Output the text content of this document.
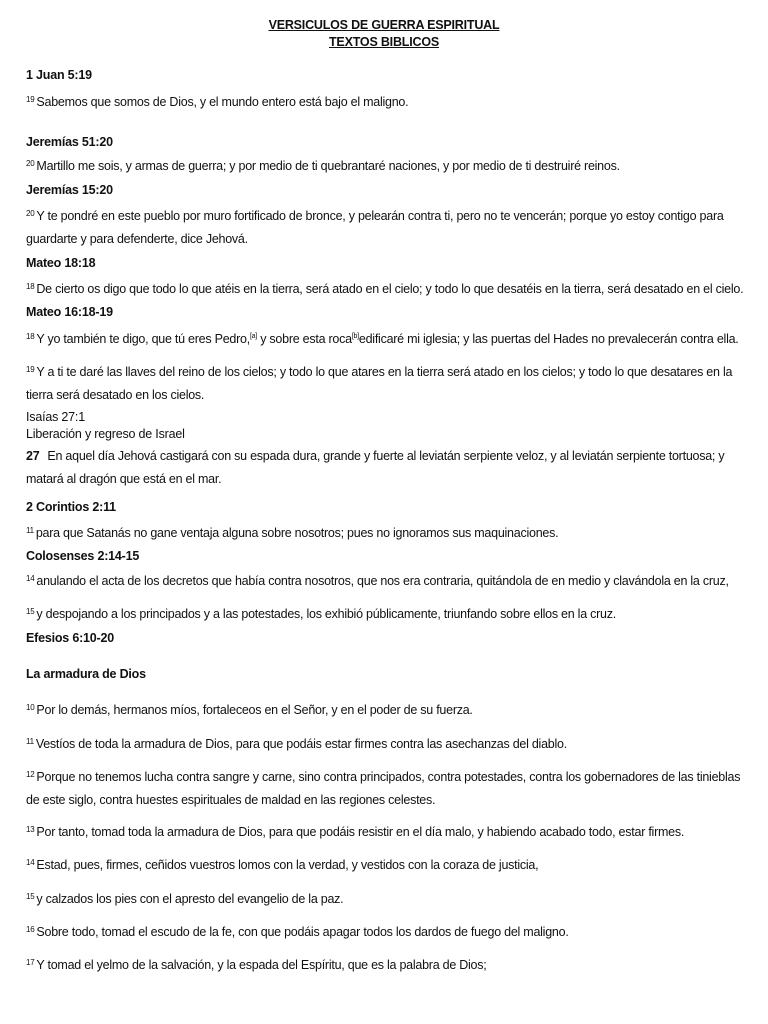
VERSICULOS DE GUERRA ESPIRITUAL
TEXTOS BIBLICOS
1 Juan 5:19
$^{19}$ Sabemos que somos de Dios, y el mundo entero está bajo el maligno.
Jeremías 51:20
$^{20}$ Martillo me sois, y armas de guerra; y por medio de ti quebrantaré naciones, y por medio de ti destruiré reinos.
Jeremías 15:20
$^{20}$ Y te pondré en este pueblo por muro fortificado de bronce, y pelearán contra ti, pero no te vencerán; porque yo estoy contigo para guardarte y para defenderte, dice Jehová.
Mateo 18:18
$^{18}$ De cierto os digo que todo lo que atéis en la tierra, será atado en el cielo; y todo lo que desatéis en la tierra, será desatado en el cielo.
Mateo 16:18-19
$^{18}$ Y yo también te digo, que tú eres Pedro,[a] y sobre esta roca[b]edificaré mi iglesia; y las puertas del Hades no prevalecerán contra ella.
$^{19}$ Y a ti te daré las llaves del reino de los cielos; y todo lo que atares en la tierra será atado en los cielos; y todo lo que desatares en la tierra será desatado en los cielos.
Isaías 27:1
Liberación y regreso de Israel
27 En aquel día Jehová castigará con su espada dura, grande y fuerte al leviatán serpiente veloz, y al leviatán serpiente tortuosa; y matará al dragón que está en el mar.
2 Corintios 2:11
$^{11}$ para que Satanás no gane ventaja alguna sobre nosotros; pues no ignoramos sus maquinaciones.
Colosenses 2:14-15
$^{14}$ anulando el acta de los decretos que había contra nosotros, que nos era contraria, quitándola de en medio y clavándola en la cruz,
$^{15}$ y despojando a los principados y a las potestades, los exhibió públicamente, triunfando sobre ellos en la cruz.
Efesios 6:10-20
La armadura de Dios
$^{10}$ Por lo demás, hermanos míos, fortaleceos en el Señor, y en el poder de su fuerza.
$^{11}$ Vestíos de toda la armadura de Dios, para que podáis estar firmes contra las asechanzas del diablo.
$^{12}$ Porque no tenemos lucha contra sangre y carne, sino contra principados, contra potestades, contra los gobernadores de las tinieblas de este siglo, contra huestes espirituales de maldad en las regiones celestes.
$^{13}$ Por tanto, tomad toda la armadura de Dios, para que podáis resistir en el día malo, y habiendo acabado todo, estar firmes.
$^{14}$ Estad, pues, firmes, ceñidos vuestros lomos con la verdad, y vestidos con la coraza de justicia,
$^{15}$ y calzados los pies con el apresto del evangelio de la paz.
$^{16}$ Sobre todo, tomad el escudo de la fe, con que podáis apagar todos los dardos de fuego del maligno.
$^{17}$ Y tomad el yelmo de la salvación, y la espada del Espíritu, que es la palabra de Dios;
